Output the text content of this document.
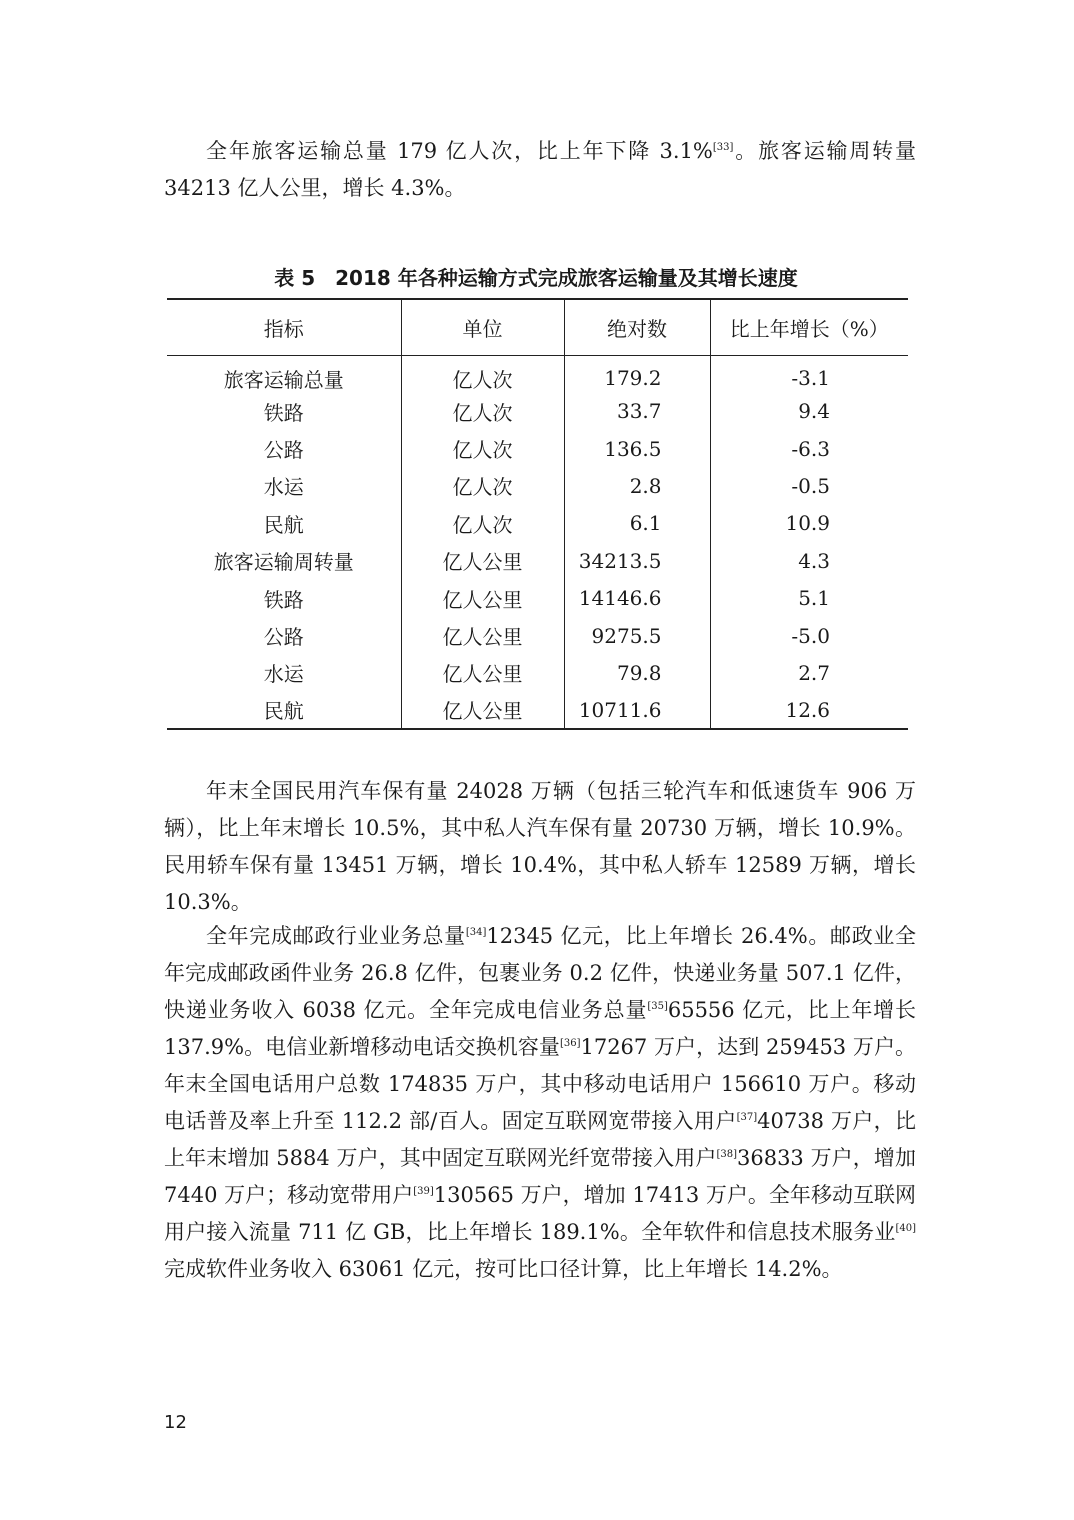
全年旅客运输总量 179 亿人次，比上年下降 3.1%[33]。旅客运输周转量 34213 亿人公里，增长 4.3%。

表 5　2018 年各种运输方式完成旅客运输量及其增长速度

指标	单位	绝对数	比上年增长（%）
旅客运输总量	亿人次	179.2	-3.1
铁路	亿人次	33.7	9.4
公路	亿人次	136.5	-6.3
水运	亿人次	2.8	-0.5
民航	亿人次	6.1	10.9
旅客运输周转量	亿人公里	34213.5	4.3
铁路	亿人公里	14146.6	5.1
公路	亿人公里	9275.5	-5.0
水运	亿人公里	79.8	2.7
民航	亿人公里	10711.6	12.6

年末全国民用汽车保有量 24028 万辆（包括三轮汽车和低速货车 906 万辆），比上年末增长 10.5%，其中私人汽车保有量 20730 万辆，增长 10.9%。民用轿车保有量 13451 万辆，增长 10.4%，其中私人轿车 12589 万辆，增长 10.3%。

全年完成邮政行业业务总量[34]12345 亿元，比上年增长 26.4%。邮政业全年完成邮政函件业务 26.8 亿件，包裹业务 0.2 亿件，快递业务量 507.1 亿件，快递业务收入 6038 亿元。全年完成电信业务总量[35]65556 亿元，比上年增长 137.9%。电信业新增移动电话交换机容量[36]17267 万户，达到 259453 万户。年末全国电话用户总数 174835 万户，其中移动电话用户 156610 万户。移动电话普及率上升至 112.2 部/百人。固定互联网宽带接入用户[37]40738 万户，比上年末增加 5884 万户，其中固定互联网光纤宽带接入用户[38]36833 万户，增加 7440 万户；移动宽带用户[39]130565 万户，增加 17413 万户。全年移动互联网用户接入流量 711 亿 GB，比上年增长 189.1%。全年软件和信息技术服务业[40]完成软件业务收入 63061 亿元，按可比口径计算，比上年增长 14.2%。

12
